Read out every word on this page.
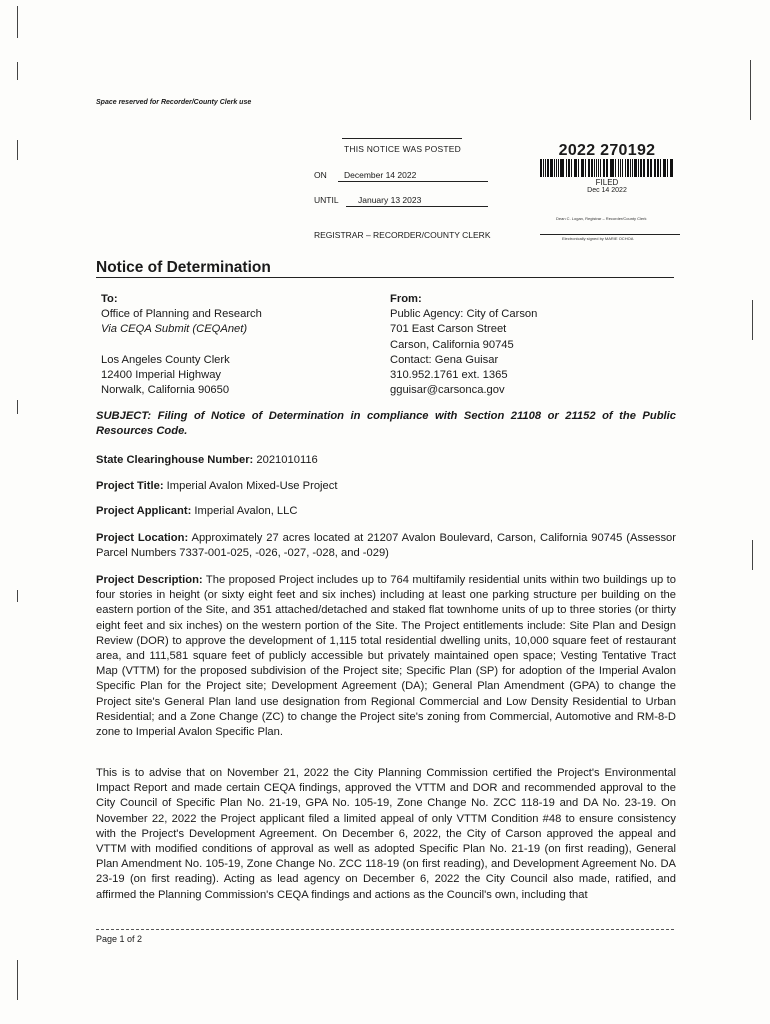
Space reserved for Recorder/County Clerk use
THIS NOTICE WAS POSTED
ON December 14 2022
UNTIL January 13 2023
REGISTRAR – RECORDER/COUNTY CLERK
2022 270192
FILED
Dec 14 2022
Dean C. Logan, Registrar – Recorder/County Clerk
Electronically signed by MARIE OCHOA
Notice of Determination
To:
Office of Planning and Research
Via CEQA Submit (CEQAnet)
Los Angeles County Clerk
12400 Imperial Highway
Norwalk, California 90650
From:
Public Agency: City of Carson
701 East Carson Street
Carson, California 90745
Contact: Gena Guisar
310.952.1761 ext. 1365
gguisar@carsonca.gov
SUBJECT: Filing of Notice of Determination in compliance with Section 21108 or 21152 of the Public Resources Code.
State Clearinghouse Number: 2021010116
Project Title: Imperial Avalon Mixed-Use Project
Project Applicant: Imperial Avalon, LLC
Project Location: Approximately 27 acres located at 21207 Avalon Boulevard, Carson, California 90745 (Assessor Parcel Numbers 7337-001-025, -026, -027, -028, and -029)
Project Description: The proposed Project includes up to 764 multifamily residential units within two buildings up to four stories in height (or sixty eight feet and six inches) including at least one parking structure per building on the eastern portion of the Site, and 351 attached/detached and staked flat townhome units of up to three stories (or thirty eight feet and six inches) on the western portion of the Site. The Project entitlements include: Site Plan and Design Review (DOR) to approve the development of 1,115 total residential dwelling units, 10,000 square feet of restaurant area, and 111,581 square feet of publicly accessible but privately maintained open space; Vesting Tentative Tract Map (VTTM) for the proposed subdivision of the Project site; Specific Plan (SP) for adoption of the Imperial Avalon Specific Plan for the Project site; Development Agreement (DA); General Plan Amendment (GPA) to change the Project site's General Plan land use designation from Regional Commercial and Low Density Residential to Urban Residential; and a Zone Change (ZC) to change the Project site's zoning from Commercial, Automotive and RM-8-D zone to Imperial Avalon Specific Plan.
This is to advise that on November 21, 2022 the City Planning Commission certified the Project's Environmental Impact Report and made certain CEQA findings, approved the VTTM and DOR and recommended approval to the City Council of Specific Plan No. 21-19, GPA No. 105-19, Zone Change No. ZCC 118-19 and DA No. 23-19. On November 22, 2022 the Project applicant filed a limited appeal of only VTTM Condition #48 to ensure consistency with the Project's Development Agreement. On December 6, 2022, the City of Carson approved the appeal and VTTM with modified conditions of approval as well as adopted Specific Plan No. 21-19 (on first reading), General Plan Amendment No. 105-19, Zone Change No. ZCC 118-19 (on first reading), and Development Agreement No. DA 23-19 (on first reading). Acting as lead agency on December 6, 2022 the City Council also made, ratified, and affirmed the Planning Commission's CEQA findings and actions as the Council's own, including that
Page 1 of 2
